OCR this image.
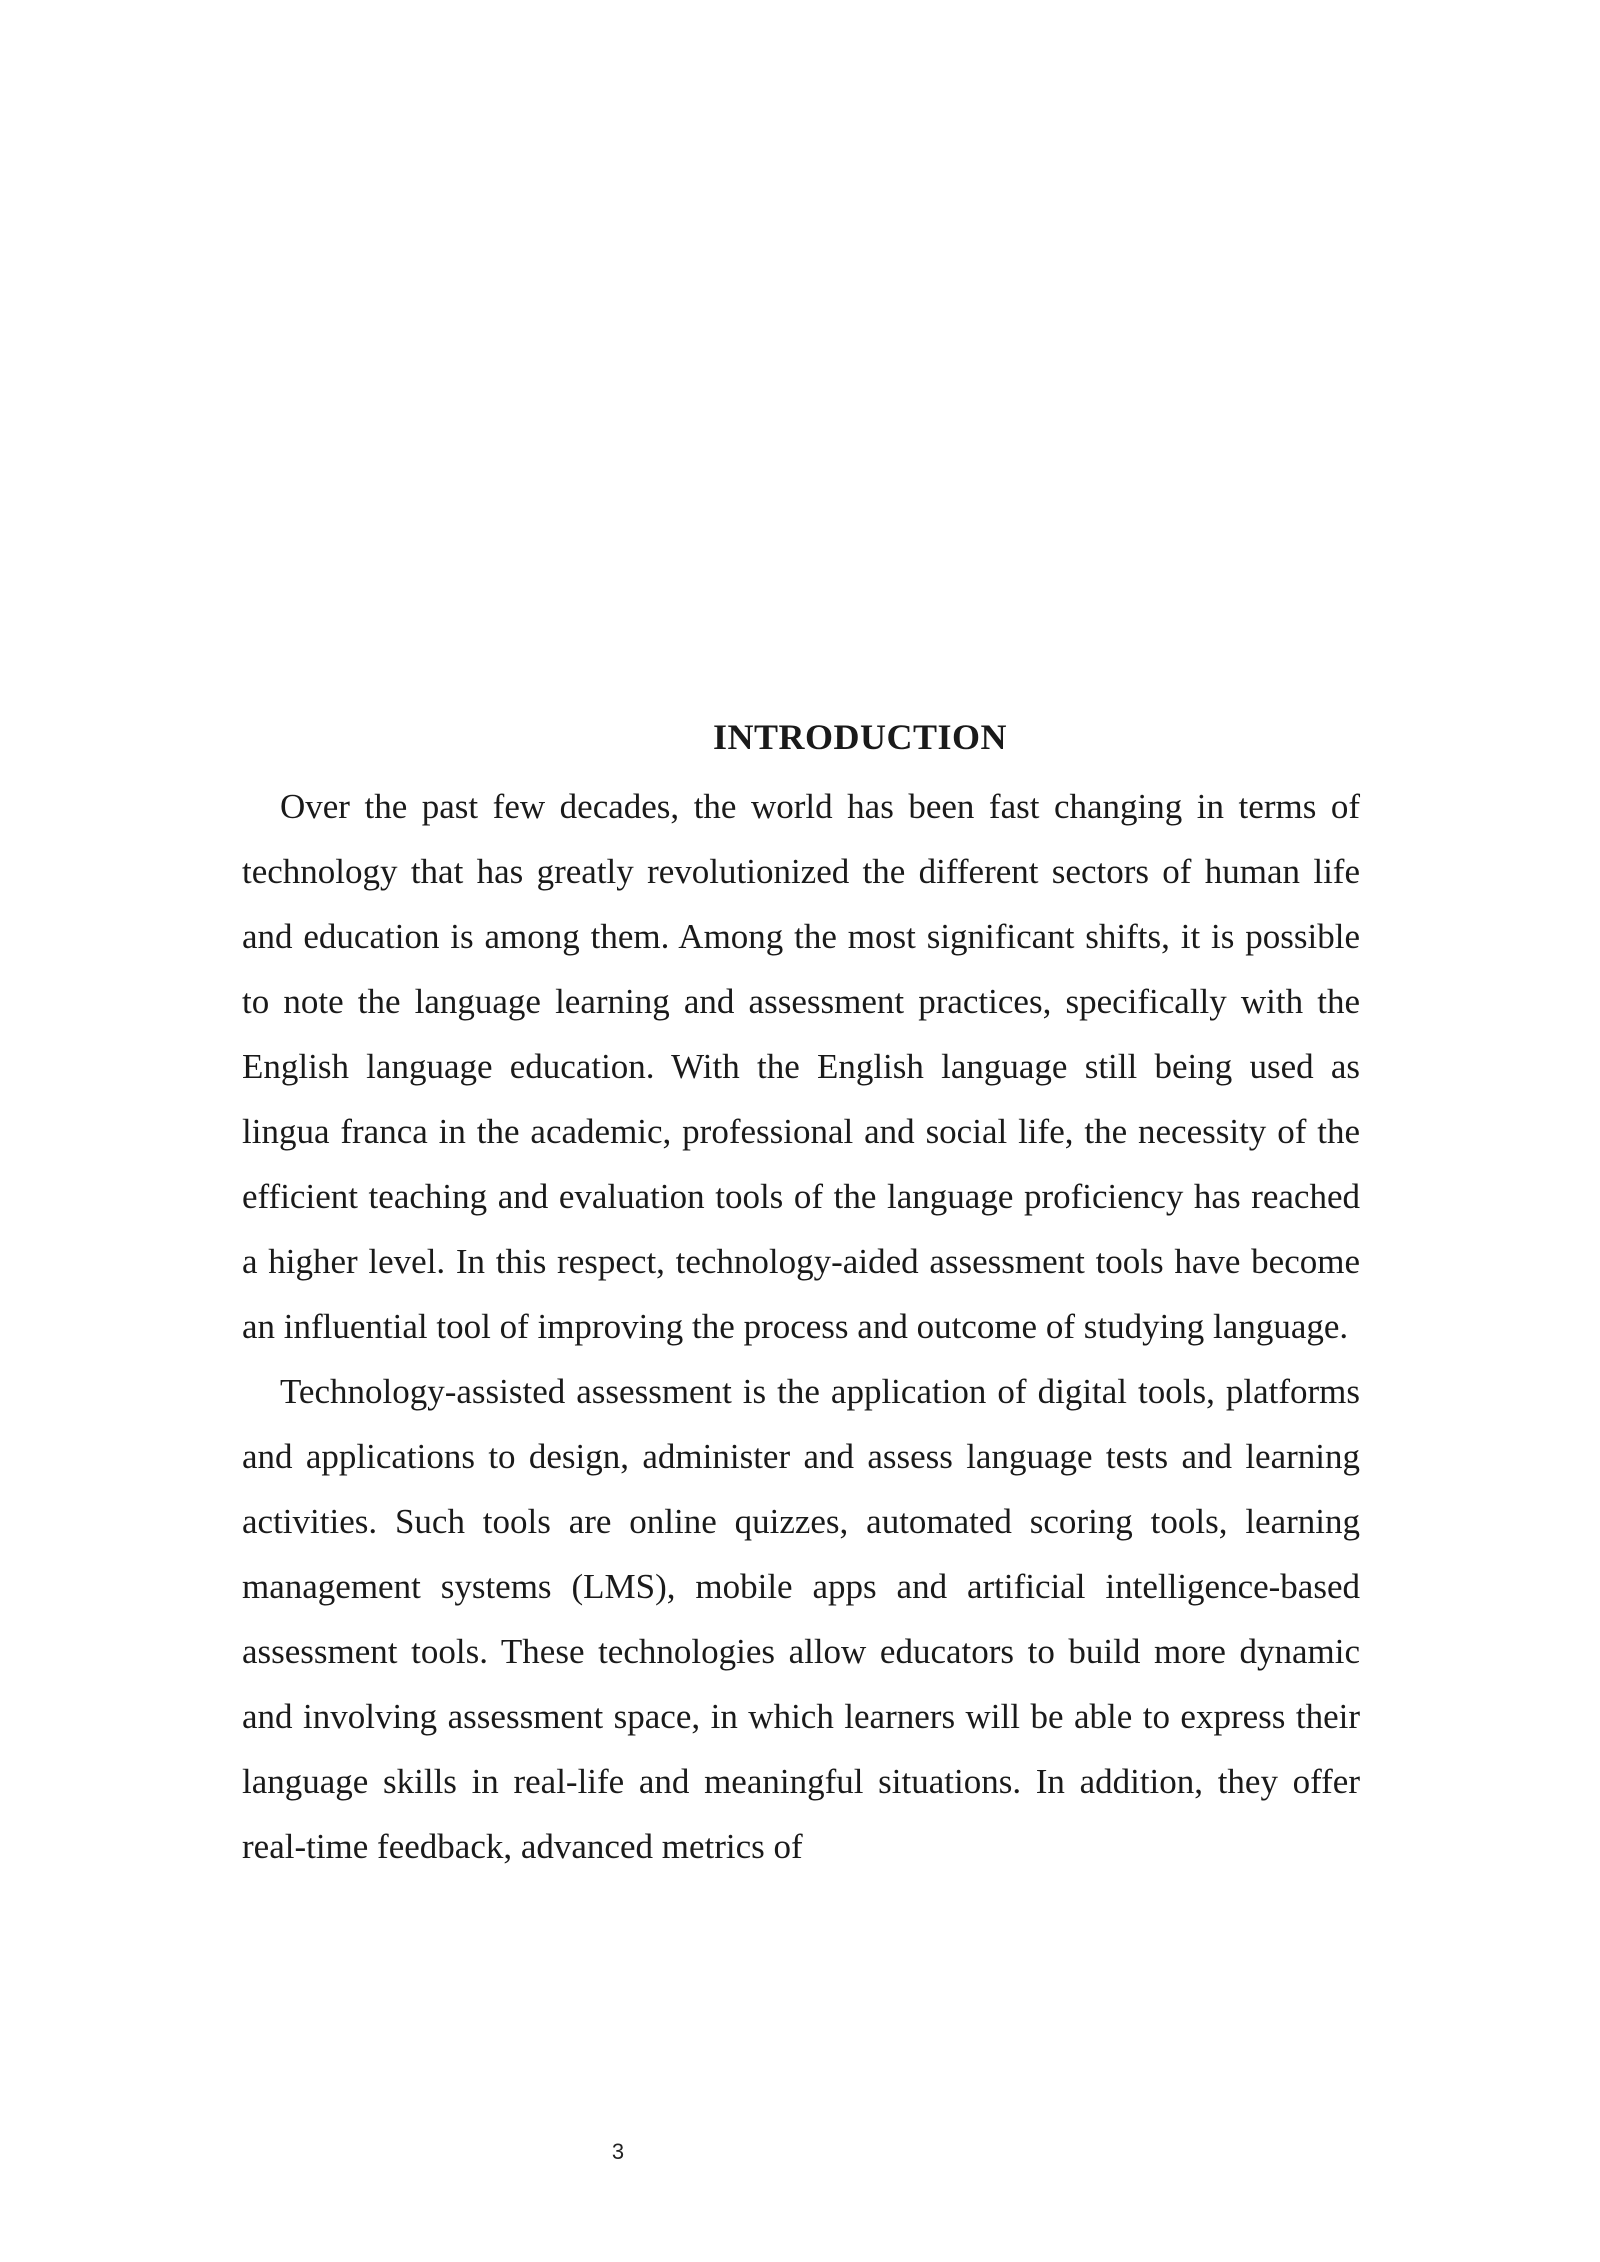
INTRODUCTION

Over the past few decades, the world has been fast changing in terms of technology that has greatly revolutionized the different sectors of human life and education is among them. Among the most significant shifts, it is possible to note the language learning and assessment practices, specifically with the English language education. With the English language still being used as lingua franca in the academic, professional and social life, the necessity of the efficient teaching and evaluation tools of the language proficiency has reached a higher level. In this respect, technology-aided assessment tools have become an influential tool of improving the process and outcome of studying language.

Technology-assisted assessment is the application of digital tools, platforms and applications to design, administer and assess language tests and learning activities. Such tools are online quizzes, automated scoring tools, learning management systems (LMS), mobile apps and artificial intelligence-based assessment tools. These technologies allow educators to build more dynamic and involving assessment space, in which learners will be able to express their language skills in real-life and meaningful situations. In addition, they offer real-time feedback, advanced metrics of

3
